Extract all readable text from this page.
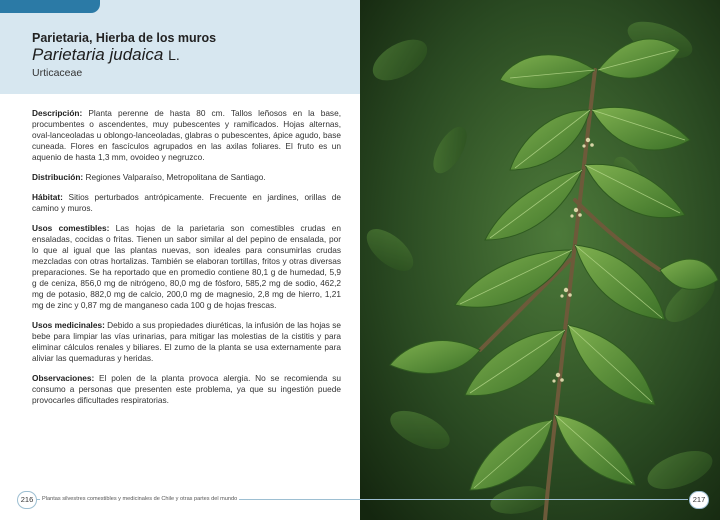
Parietaria, Hierba de los muros
Parietaria judaica L.
Urticaceae

Descripción: Planta perenne de hasta 80 cm. Tallos leñosos en la base, procumbentes o ascendentes, muy pubescentes y ramificados. Hojas alternas, oval-lanceoladas u oblongo-lanceoladas, glabras o pubescentes, ápice agudo, base cuneada. Flores en fascículos agrupados en las axilas foliares. El fruto es un aquenio de hasta 1,3 mm, ovoideo y negruzco.

Distribución: Regiones Valparaíso, Metropolitana de Santiago.

Hábitat: Sitios perturbados antrópicamente. Frecuente en jardines, orillas de camino y muros.

Usos comestibles: Las hojas de la parietaria son comestibles crudas en ensaladas, cocidas o fritas. Tienen un sabor similar al del pepino de ensalada, por lo que al igual que las plantas nuevas, son ideales para consumirlas crudas mezcladas con otras hortalizas. También se elaboran tortillas, fritos y otras diversas preparaciones. Se ha reportado que en promedio contiene 80,1 g de humedad, 5,9 g de ceniza, 856,0 mg de nitrógeno, 80,0 mg de fósforo, 585,2 mg de sodio, 462,2 mg de potasio, 882,0 mg de calcio, 200,0 mg de magnesio, 2,8 mg de hierro, 1,21 mg de zinc y 0,87 mg de manganeso cada 100 g de hojas frescas.

Usos medicinales: Debido a sus propiedades diuréticas, la infusión de las hojas se bebe para limpiar las vías urinarias, para mitigar las molestias de la cistitis y para eliminar cálculos renales y biliares. El zumo de la planta se usa externamente para aliviar las quemaduras y heridas.

Observaciones: El polen de la planta provoca alergia. No se recomienda su consumo a personas que presenten este problema, ya que su ingestión puede provocarles dificultades respiratorias.

216	Plantas silvestres comestibles y medicinales de Chile y otras partes del mundo	217
